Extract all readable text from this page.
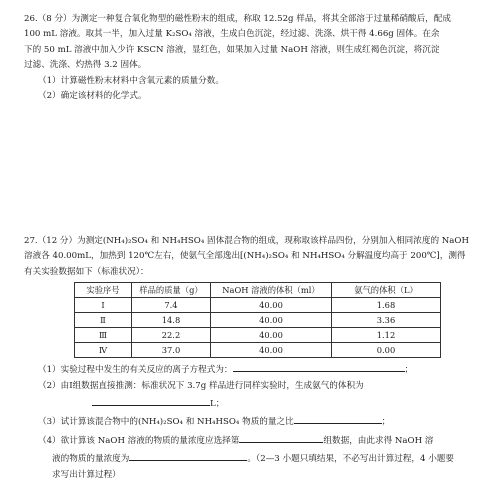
26.（8 分）为测定一种复合氧化物型的磁性粉末的组成，称取 12.52g 样品，将其全部溶于过量稀硝酸后，配成
100 mL 溶液。取其一半，加入过量 K₂SO₄ 溶液，生成白色沉淀，经过滤、洗涤、烘干得 4.66g 固体。在余
下的 50 mL 溶液中加入少许 KSCN 溶液，显红色，如果加入过量 NaOH 溶液，则生成红褐色沉淀，将沉淀
过滤、洗涤、灼热得 3.2 固体。
（1）计算磁性粉末材料中含氧元素的质量分数。
（2）确定该材料的化学式。
27.（12 分）为测定(NH₄)₂SO₄ 和 NH₄HSO₄ 固体混合物的组成，现称取该样品四份，分别加入相同浓度的 NaOH
溶液各 40.00mL，加热到 120℃左右，使氨气全部逸出[(NH₄)₂SO₄ 和 NH₄HSO₄ 分解温度均高于 200℃]，测得
有关实验数据如下（标准状况）：
实验序号	样品的质量（g）	NaOH 溶液的体积（ml）	氨气的体积（L）
Ⅰ	7.4	40.00	1.68
Ⅱ	14.8	40.00	3.36
Ⅲ	22.2	40.00	1.12
Ⅳ	37.0	40.00	0.00
（1）实验过程中发生的有关反应的离子方程式为：	；
（2）由Ⅰ组数据直接推测：标准状况下 3.7g 样品进行同样实验时，生成氨气的体积为
L；
（3）试计算该混合物中的(NH₄)₂SO₄ 和 NH₄HSO₄ 物质的量之比	；
（4）欲计算该 NaOH 溶液的物质的量浓度应选择第	组数据，由此求得 NaOH 溶
液的物质的量浓度为	。（2—3 小题只填结果，不必写出计算过程，4 小题要
求写出计算过程）
